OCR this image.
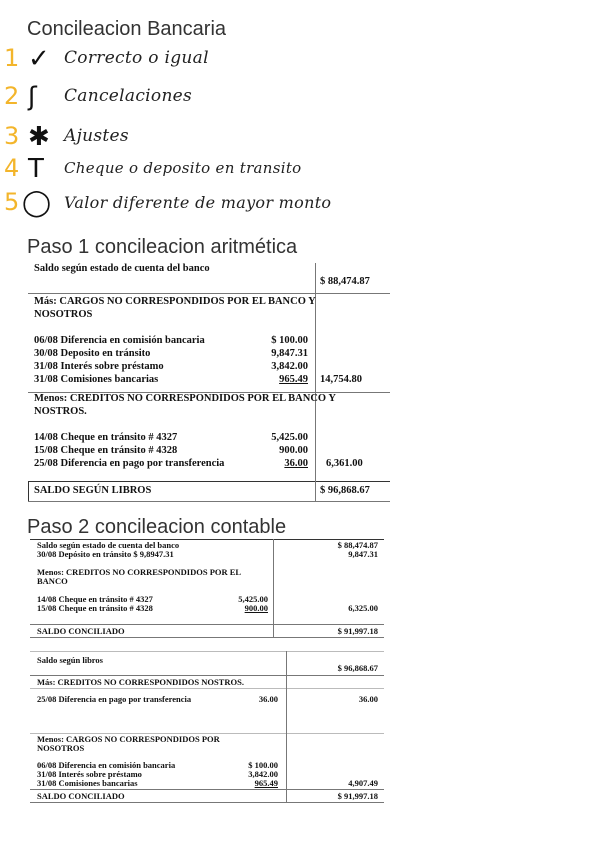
Concileacion Bancaria
1 ✓ Correcto o igual
2 ʃ Cancelaciones
3 ✱ Ajustes
4 T Cheque o deposito en transito
5 ◯ Valor diferente de mayor monto
Paso 1 concileacion aritmética
Saldo según estado de cuenta del banco
$ 88,474.87
Más: CARGOS NO CORRESPONDIDOS POR EL BANCO Y
NOSOTROS
06/08 Diferencia en comisión bancaria	$ 100.00
30/08 Deposito en tránsito	9,847.31
31/08 Interés sobre préstamo	3,842.00
31/08 Comisiones bancarias	965.49 14,754.80
Menos: CREDITOS NO CORRESPONDIDOS POR EL BANCO Y
NOSTROS.
14/08 Cheque en tránsito # 4327	5,425.00
15/08 Cheque en tránsito # 4328	900.00
25/08 Diferencia en pago por transferencia	36.00 6,361.00
SALDO SEGÚN LIBROS	$ 96,868.67
Paso 2 concileacion contable
Saldo según estado de cuenta del banco	$ 88,474.87
30/08 Depósito en tránsito $ 9,8947.31	9,847.31
Menos: CREDITOS NO CORRESPONDIDOS POR EL
BANCO
14/08 Cheque en tránsito # 4327	5,425.00
15/08 Cheque en tránsito # 4328	900.00	6,325.00
SALDO CONCILIADO	$ 91,997.18
Saldo según libros
$ 96,868.67
Más: CREDITOS NO CORRESPONDIDOS NOSTROS.
25/08 Diferencia en pago por transferencia	36.00	36.00
Menos: CARGOS NO CORRESPONDIDOS POR
NOSOTROS
06/08 Diferencia en comisión bancaria	$ 100.00
31/08 Interés sobre préstamo	3,842.00
31/08 Comisiones bancarias	965.49	4,907.49
SALDO CONCILIADO	$ 91,997.18
